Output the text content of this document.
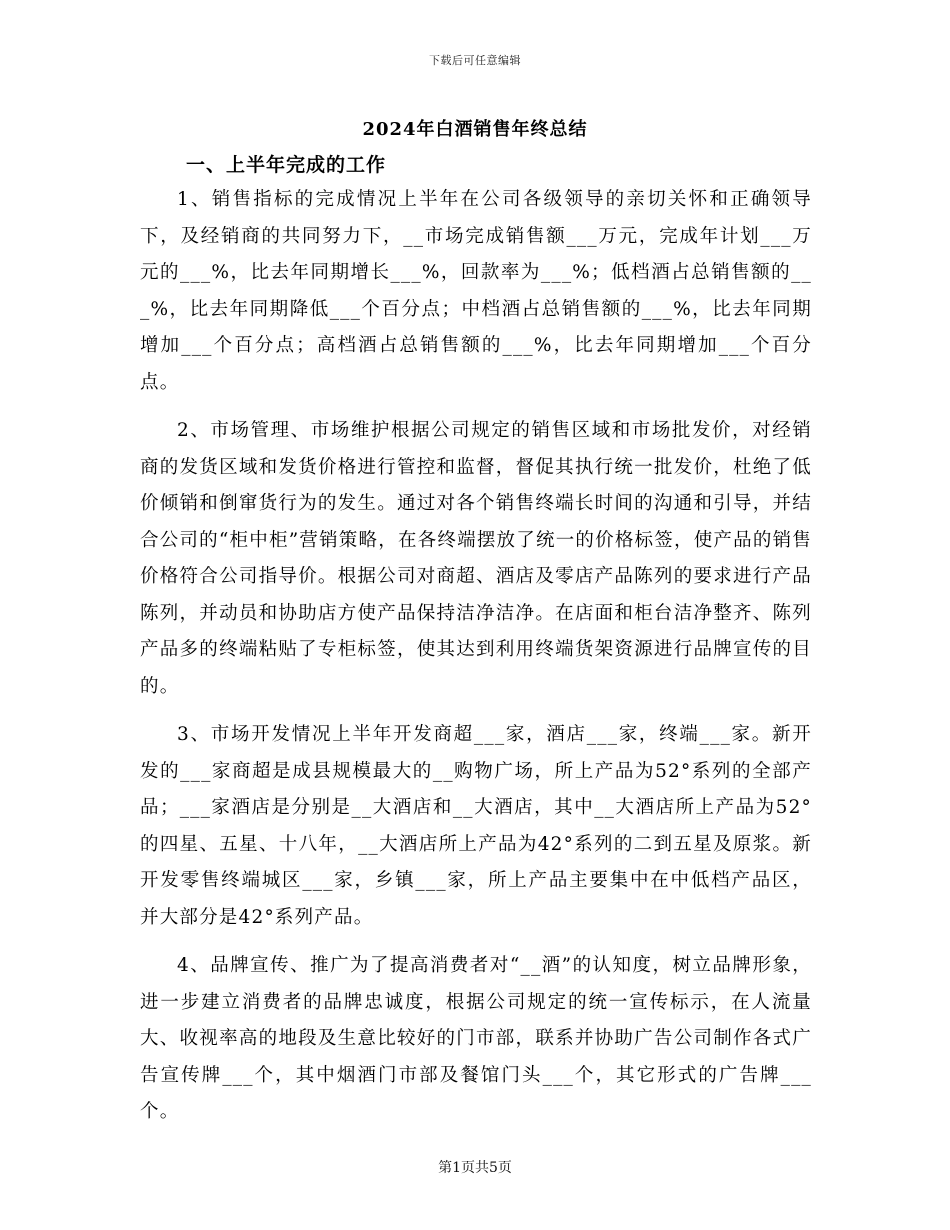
下载后可任意编辑
2024年白酒销售年终总结
一、上半年完成的工作

1、销售指标的完成情况上半年在公司各级领导的亲切关怀和正确领导下，及经销商的共同努力下，__市场完成销售额___万元，完成年计划___万元的___%，比去年同期增长___%，回款率为___%；低档酒占总销售额的___%，比去年同期降低___个百分点；中档酒占总销售额的___%，比去年同期增加___个百分点；高档酒占总销售额的___%，比去年同期增加___个百分点。

2、市场管理、市场维护根据公司规定的销售区域和市场批发价，对经销商的发货区域和发货价格进行管控和监督，督促其执行统一批发价，杜绝了低价倾销和倒窜货行为的发生。通过对各个销售终端长时间的沟通和引导，并结合公司的“柜中柜”营销策略，在各终端摆放了统一的价格标签，使产品的销售价格符合公司指导价。根据公司对商超、酒店及零店产品陈列的要求进行产品陈列，并动员和协助店方使产品保持洁净洁净。在店面和柜台洁净整齐、陈列产品多的终端粘贴了专柜标签，使其达到利用终端货架资源进行品牌宣传的目的。

3、市场开发情况上半年开发商超___家，酒店___家，终端___家。新开发的___家商超是成县规模最大的__购物广场，所上产品为52°系列的全部产品；___家酒店是分别是__大酒店和__大酒店，其中__大酒店所上产品为52°的四星、五星、十八年，__大酒店所上产品为42°系列的二到五星及原浆。新开发零售终端城区___家，乡镇___家，所上产品主要集中在中低档产品区，并大部分是42°系列产品。

4、品牌宣传、推广为了提高消费者对“__酒”的认知度，树立品牌形象，进一步建立消费者的品牌忠诚度，根据公司规定的统一宣传标示，在人流量大、收视率高的地段及生意比较好的门市部，联系并协助广告公司制作各式广告宣传牌___个，其中烟酒门市部及餐馆门头___个，其它形式的广告牌___个。

第1页共5页
